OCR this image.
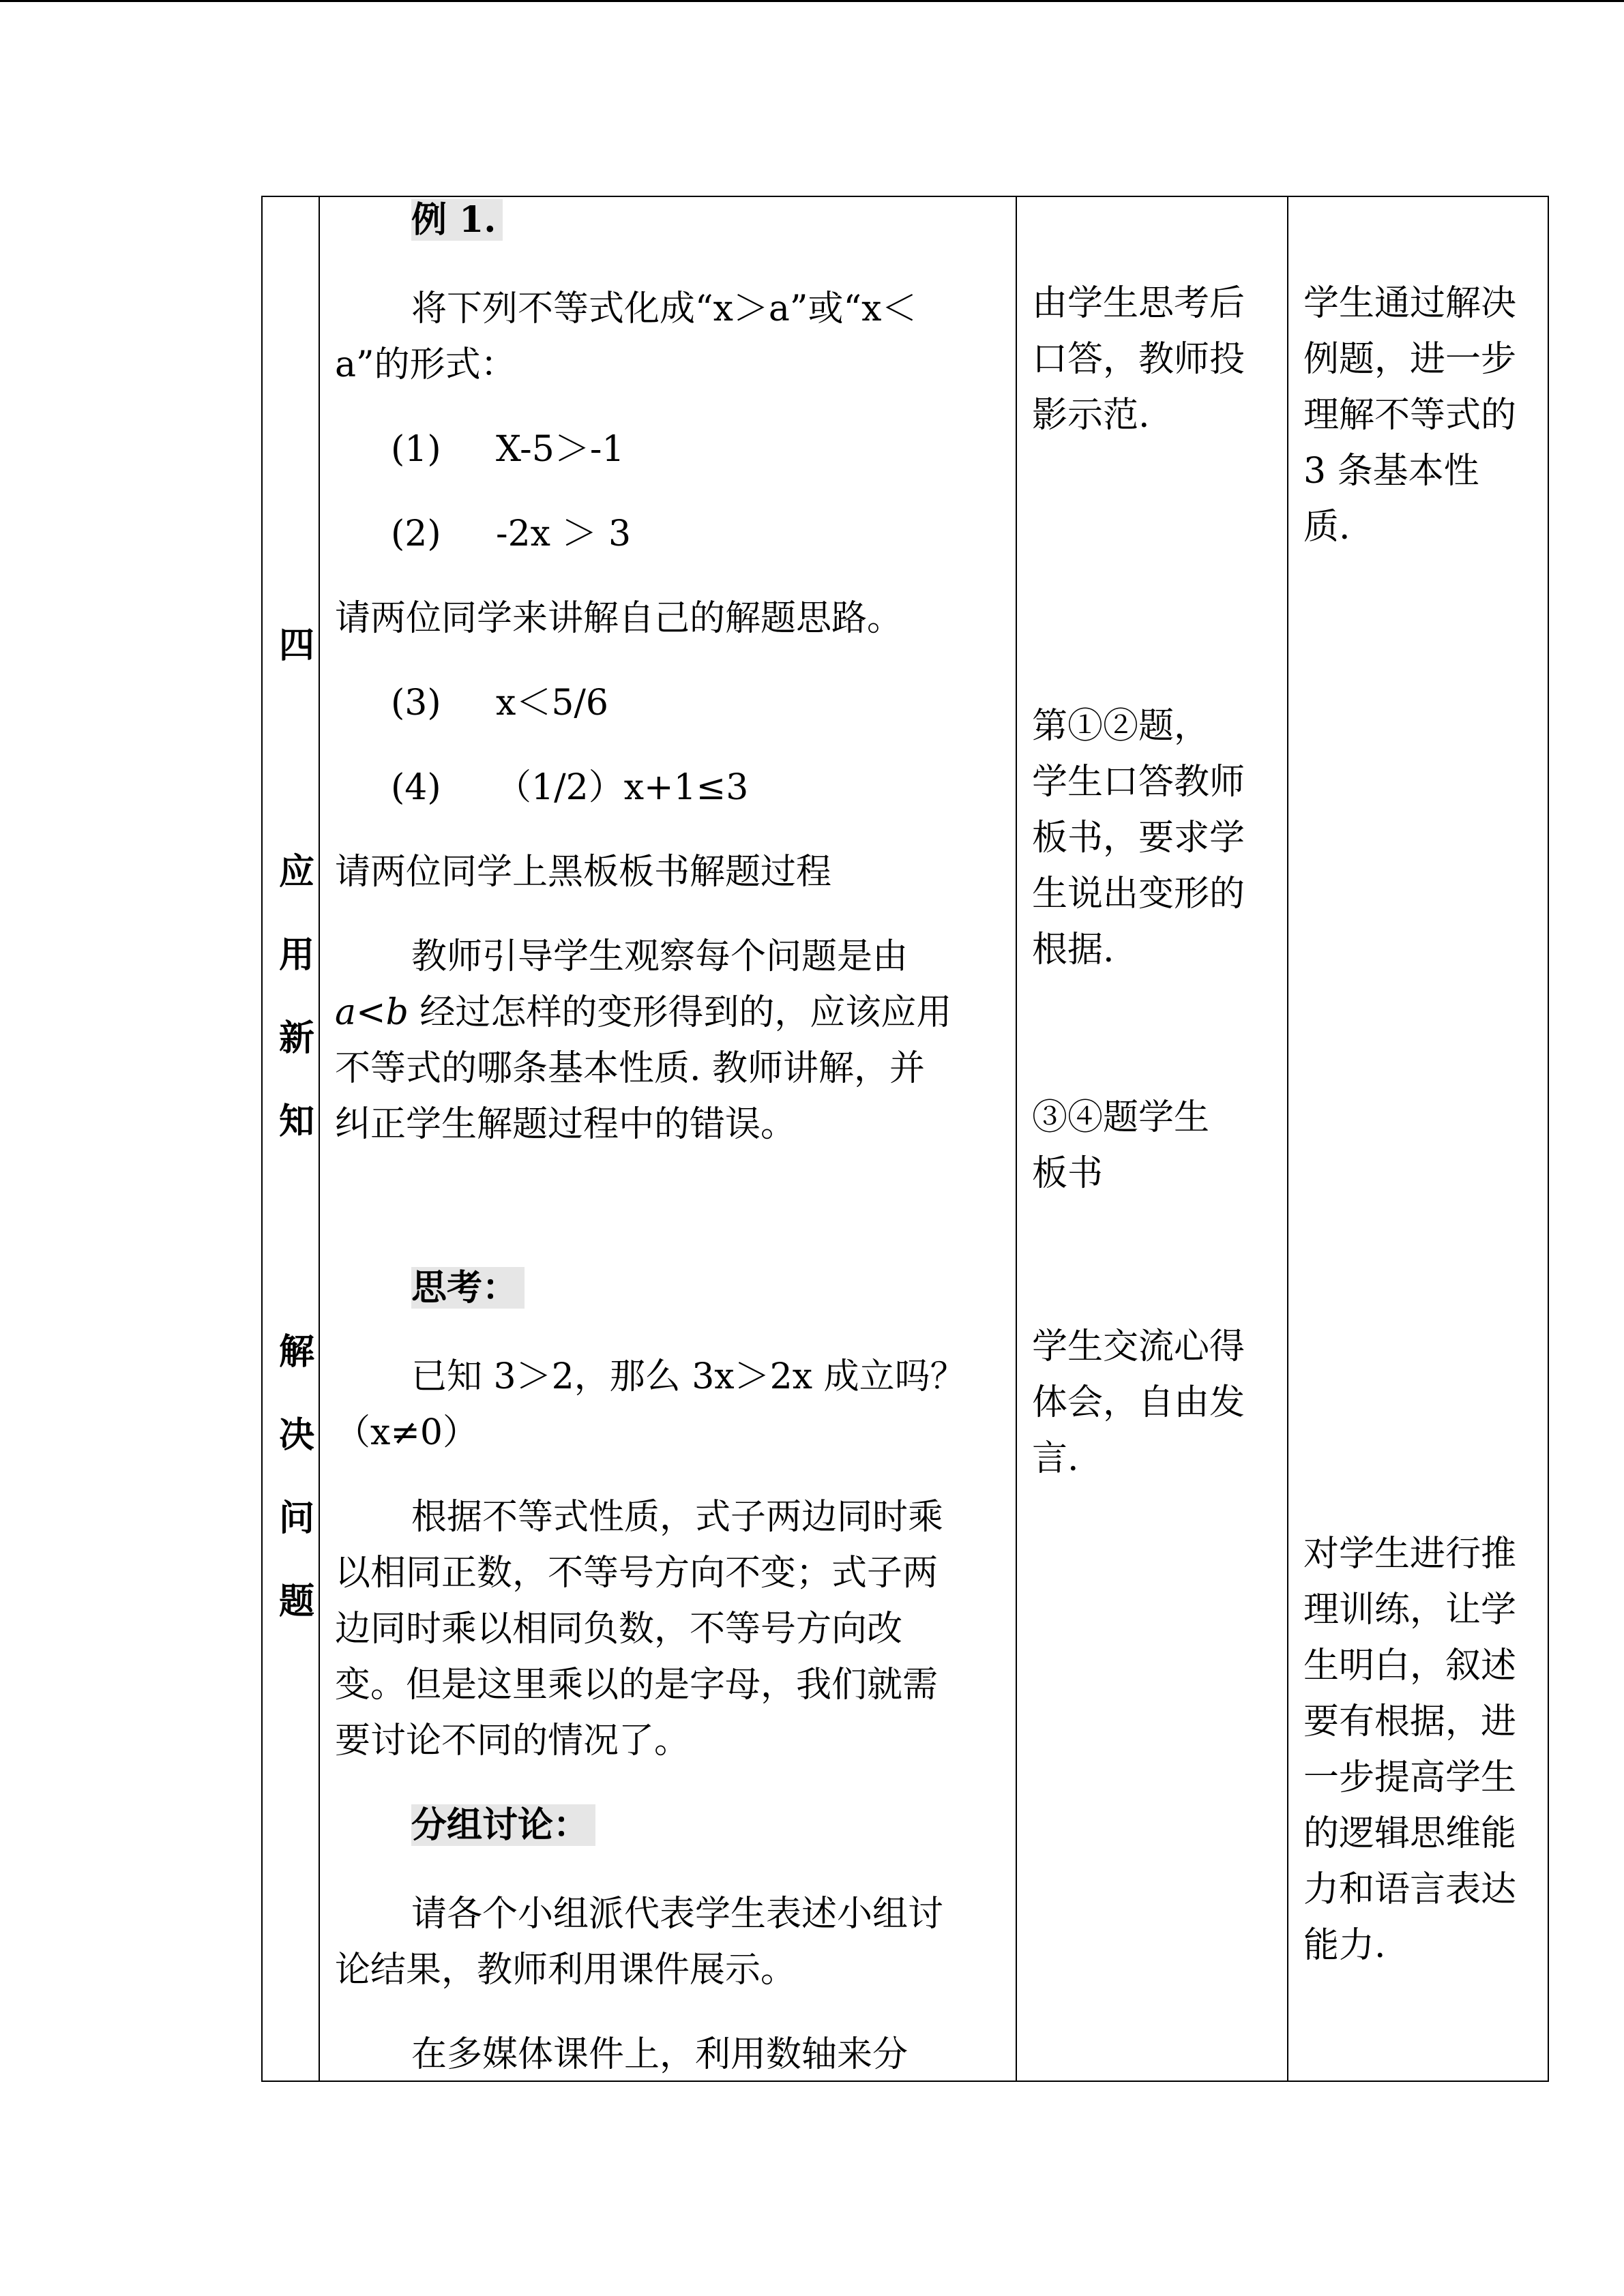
四
应
用
新
知
解
决
问
题
例 1.
将下列不等式化成“x＞a”或“x＜
a”的形式：
(1) X-5＞-1
(2) -2x ＞ 3
请两位同学来讲解自己的解题思路。
(3) x＜5/6
(4) （1/2）x+1≤3
请两位同学上黑板板书解题过程
教师引导学生观察每个问题是由
a<b 经过怎样的变形得到的，应该应用
不等式的哪条基本性质. 教师讲解，并
纠正学生解题过程中的错误。
思考：
已知 3＞2，那么 3x＞2x 成立吗？
（x≠0）
根据不等式性质，式子两边同时乘
以相同正数，不等号方向不变；式子两
边同时乘以相同负数，不等号方向改
变。但是这里乘以的是字母，我们就需
要讨论不同的情况了。
分组讨论：
请各个小组派代表学生表述小组讨
论结果，教师利用课件展示。
在多媒体课件上，利用数轴来分
由学生思考后
口答，教师投
影示范.
第①②题，
学生口答教师
板书，要求学
生说出变形的
根据.
③④题学生
板书
学生交流心得
体会，自由发
言.
学生通过解决
例题，进一步
理解不等式的
3 条基本性
质.
对学生进行推
理训练，让学
生明白，叙述
要有根据，进
一步提高学生
的逻辑思维能
力和语言表达
能力.
